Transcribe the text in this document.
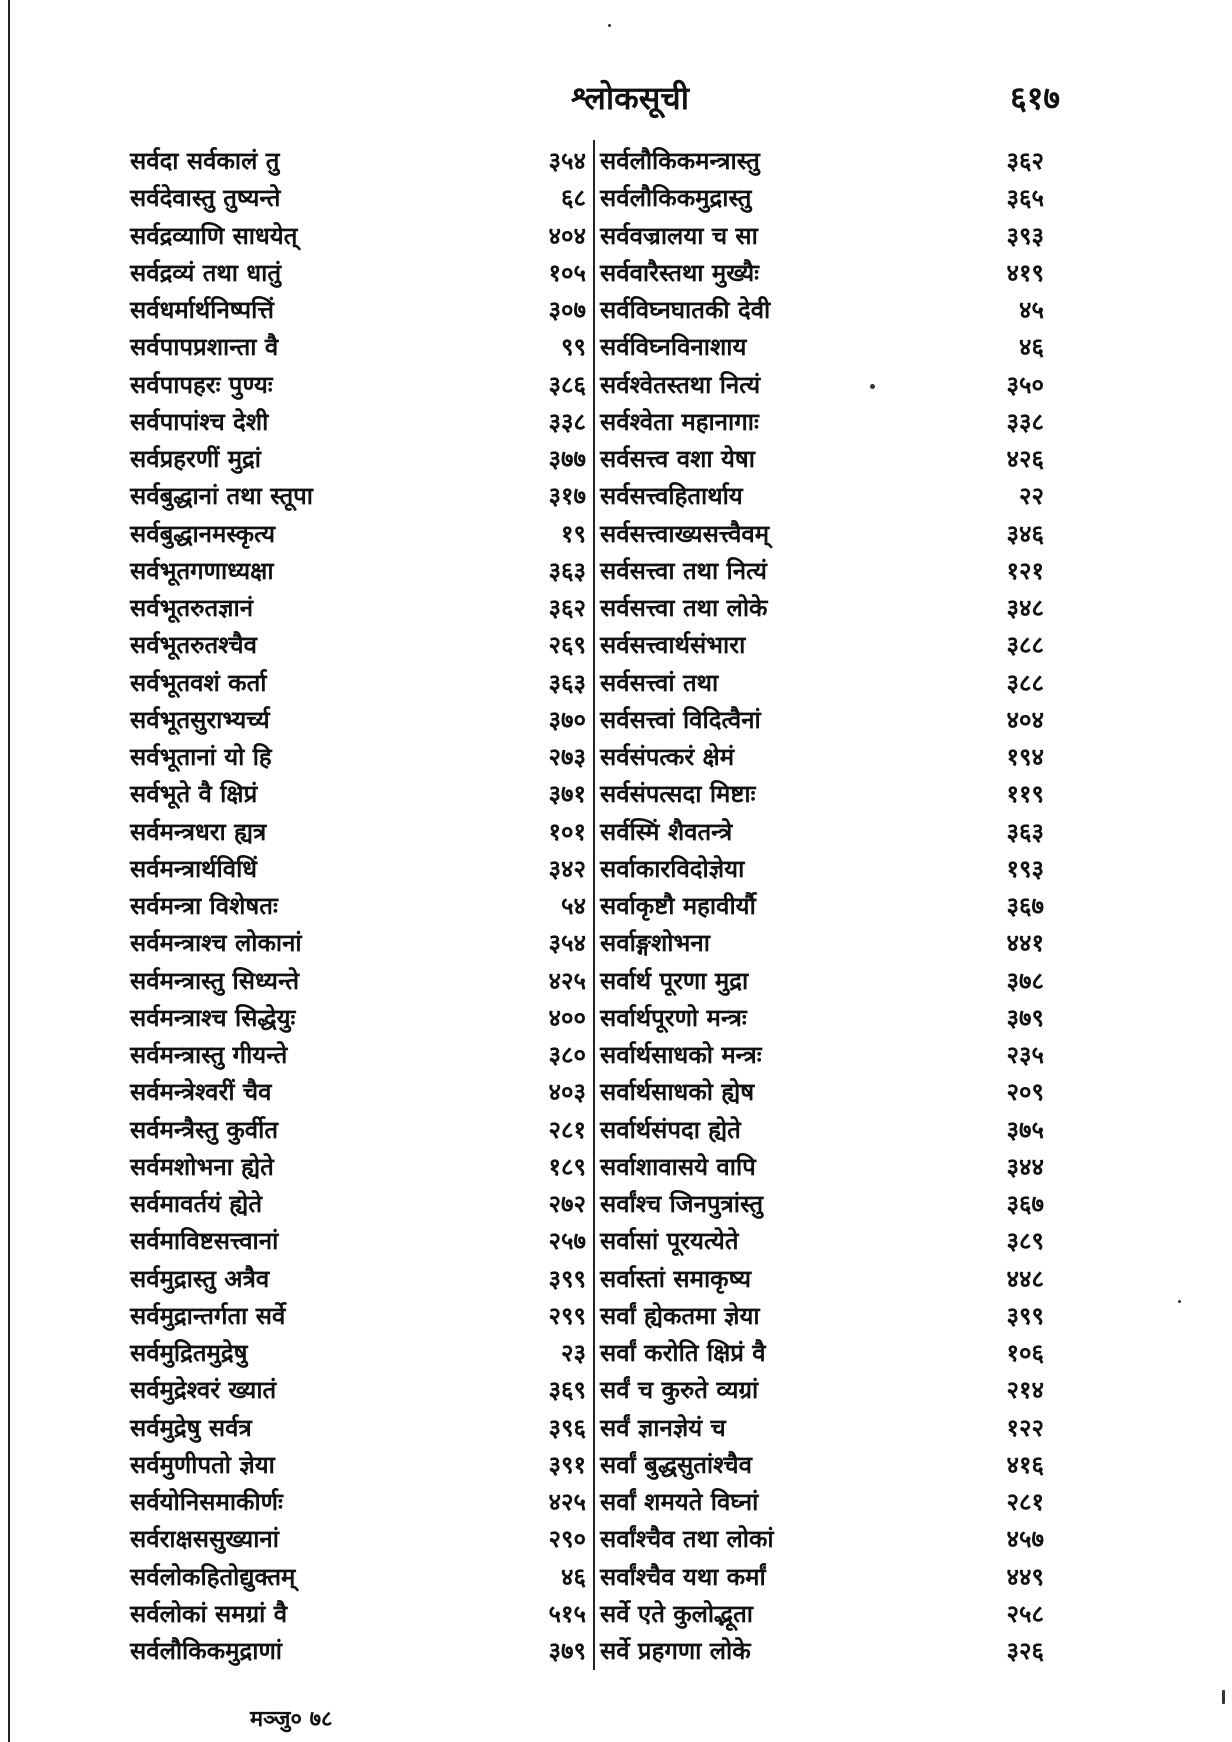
श्लोकसूची	६१७
सर्वदा सर्वकालं तु	३५४
सर्वदेवास्तु तुष्यन्ते	६८
सर्वद्रव्याणि साधयेत्	४०४
सर्वद्रव्यं तथा धातुं	१०५
सर्वधर्मार्थनिष्पत्तिं	३०७
सर्वपापप्रशान्ता वै	९९
सर्वपापहरः पुण्यः	३८६
सर्वपापांश्च देशी	३३८
सर्वप्रहरणीं मुद्रां	३७७
सर्वबुद्धानां तथा स्तूपा	३१७
सर्वबुद्धानमस्कृत्य	१९
सर्वभूतगणाध्यक्षा	३६३
सर्वभूतरुतज्ञानं	३६२
सर्वभूतरुतश्चैव	२६९
सर्वभूतवशं कर्ता	३६३
सर्वभूतसुराभ्यर्च्य	३७०
सर्वभूतानां यो हि	२७३
सर्वभूते वै क्षिप्रं	३७१
सर्वमन्त्रधरा ह्यत्र	१०१
सर्वमन्त्रार्थविधिं	३४२
सर्वमन्त्रा विशेषतः	५४
सर्वमन्त्राश्च लोकानां	३५४
सर्वमन्त्रास्तु सिध्यन्ते	४२५
सर्वमन्त्राश्च सिद्धेयुः	४००
सर्वमन्त्रास्तु गीयन्ते	३८०
सर्वमन्त्रेश्वरीं चैव	४०३
सर्वमन्त्रैस्तु कुर्वीत	२८१
सर्वमशोभना ह्येते	१८९
सर्वमावर्तयं ह्येते	२७२
सर्वमाविष्टसत्त्वानां	२५७
सर्वमुद्रास्तु अत्रैव	३९९
सर्वमुद्रान्तर्गता सर्वे	२९९
सर्वमुद्रितमुद्रेषु	२३
सर्वमुद्रेश्वरं ख्यातं	३६९
सर्वमुद्रेषु सर्वत्र	३९६
सर्वमुणीपतो ज्ञेया	३९१
सर्वयोनिसमाकीर्णः	४२५
सर्वराक्षससुख्यानां	२९०
सर्वलोकहितोद्युक्तम्	४६
सर्वलोकां समग्रां वै	५१५
सर्वलौकिकमुद्राणां	३७९
सर्वलौकिकमन्त्रास्तु	३६२
सर्वलौकिकमुद्रास्तु	३६५
सर्ववज्रालया च सा	३९३
सर्ववारैस्तथा मुख्यैः	४१९
सर्वविघ्नघातकी देवी	४५
सर्वविघ्नविनाशाय	४६
सर्वश्वेतस्तथा नित्यं	३५०
सर्वश्वेता महानागाः	३३८
सर्वसत्त्व वशा येषा	४२६
सर्वसत्त्वहितार्थाय	२२
सर्वसत्त्वाख्यसत्त्वैवम्	३४६
सर्वसत्त्वा तथा नित्यं	१२१
सर्वसत्त्वा तथा लोके	३४८
सर्वसत्त्वार्थसंभारा	३८८
सर्वसत्त्वां तथा	३८८
सर्वसत्त्वां विदित्वैनां	४०४
सर्वसंपत्करं क्षेमं	१९४
सर्वसंपत्सदा मिष्टाः	११९
सर्वस्मिं शैवतन्त्रे	३६३
सर्वाकारविदोज्ञेया	१९३
सर्वाकृष्टौ महावीर्यौ	३६७
सर्वाङ्गशोभना	४४१
सर्वार्थ पूरणा मुद्रा	३७८
सर्वार्थपूरणो मन्त्रः	३७९
सर्वार्थसाधको मन्त्रः	२३५
सर्वार्थसाधको ह्येष	२०९
सर्वार्थसंपदा ह्येते	३७५
सर्वाशावासये वापि	३४४
सर्वांश्च जिनपुत्रांस्तु	३६७
सर्वासां पूरयत्येते	३८९
सर्वास्तां समाकृष्य	४४८
सर्वां ह्येकतमा ज्ञेया	३९९
सर्वां करोति क्षिप्रं वै	१०६
सर्वं च कुरुते व्यग्रां	२१४
सर्वं ज्ञानज्ञेयं च	१२२
सर्वां बुद्धसुतांश्चैव	४१६
सर्वां शमयते विघ्नां	२८१
सर्वांश्चैव तथा लोकां	४५७
सर्वांश्चैव यथा कर्मां	४४९
सर्वे एते कुलोद्भूता	२५८
सर्वे प्रहगणा लोके	३२६
मञ्जु० ७८
